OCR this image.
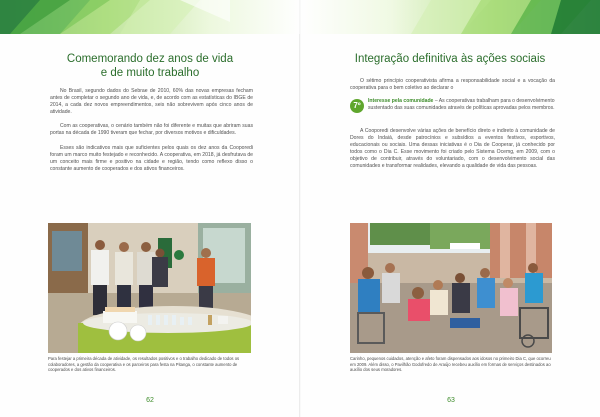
Comemorando dez anos de vida
e de muito trabalho

No Brasil, segundo dados do Sebrae de 2010, 60% das novas empresas fecham antes de completar o segundo ano de vida, e, de acordo com as estatísticas do IBGE de 2014, a cada dez novos empreendimentos, seis não sobrevivem após cinco anos de atividade.

Com as cooperativas, o cenário também não foi diferente e muitas que abriram suas portas na década de 1990 tiveram que fechar, por diversos motivos e dificuldades.

Esses são indicativos mais que suficientes pelos quais os dez anos da Cooporedi foram um marco muito festejado e reconhecido. A cooperativa, em 2018, já desfrutava de um conceito mais firme e positivo na cidade e região, tendo como reflexo disso o constante aumento de cooperados e dos ativos financeiros.

Para festejar a primeira década de atividade, os resultados positivos e o trabalho dedicado de todos os colaboradores, a gestão da cooperativa e os parceiros para festa na Pitanga, o constante aumento de cooperados e dos ativos financeiros.
62
Integração definitiva às ações sociais

O sétimo princípio cooperativista afirma a responsabilidade social e a vocação da cooperativa para o bem coletivo ao declarar o

7º	Interesse pela comunidade – As cooperativas trabalham para o desenvolvimento sustentado das suas comunidades através de políticas aprovadas pelos membros.

A Cooporedi desenvolve várias ações de benefício direto e indireto à comunidade de Dores do Indaiá, desde patrocínios e subsídios a eventos festivos, esportivos, educacionais ou sociais. Uma dessas iniciativas é o Dia de Cooperar, já conhecido por todos como o Dia C. Esse movimento foi criado pelo Sistema Ocemg, em 2009, com o objetivo de contribuir, através do voluntariado, com o desenvolvimento social das comunidades e transformar realidades, elevando a qualidade de vida das pessoas.

Carinho, pequenos cuidados, atenção e afeto foram dispensados aos idosos no primeiro Dia C, que ocorreu em 2009. Além disso, o Pavilhão Godofredo de Araújo recebeu auxílio em formas de serviços destinados ao auxílio dos seus moradores.
63
